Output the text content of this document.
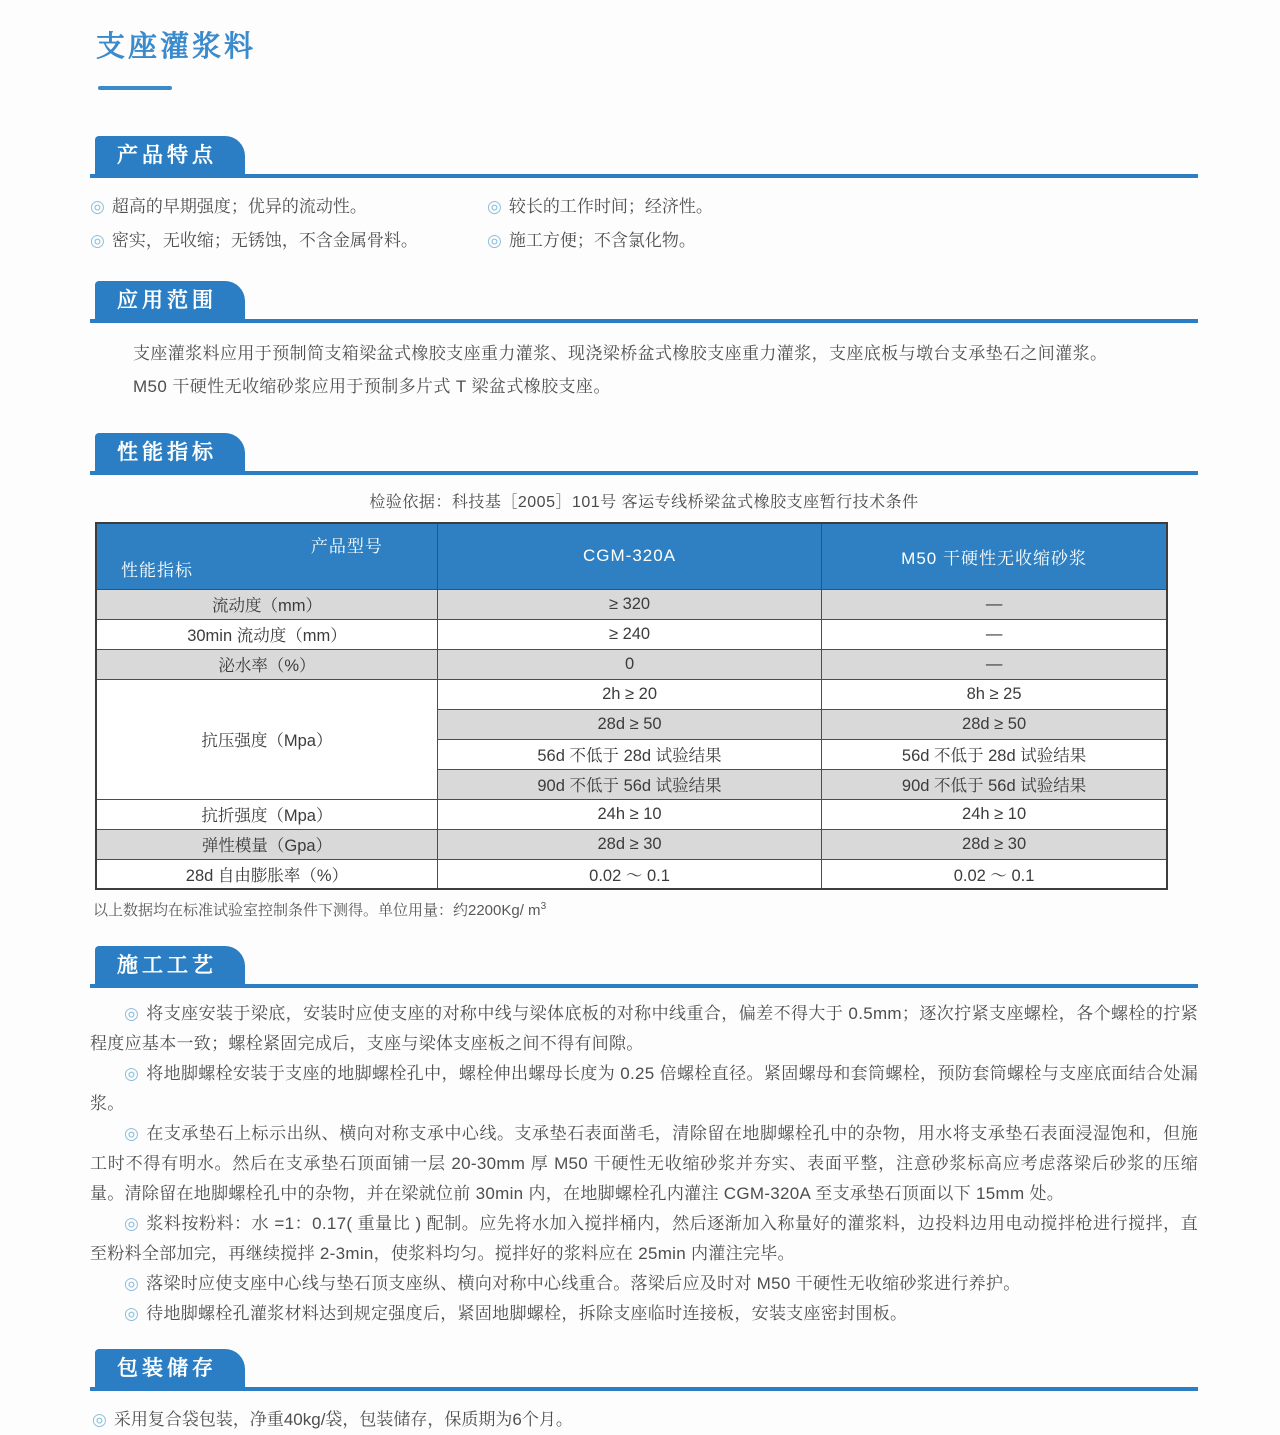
支座灌浆料
产品特点
◎ 超高的早期强度；优异的流动性。
◎ 密实，无收缩；无锈蚀，不含金属骨料。
◎ 较长的工作时间；经济性。
◎ 施工方便；不含氯化物。
应用范围

支座灌浆料应用于预制简支箱梁盆式橡胶支座重力灌浆、现浇梁桥盆式橡胶支座重力灌浆，支座底板与墩台支承垫石之间灌浆。

M50 干硬性无收缩砂浆应用于预制多片式 T 梁盆式橡胶支座。

性能指标

检验依据：科技基［2005］101号 客运专线桥梁盆式橡胶支座暂行技术条件

产品型号
性能指标	CGM-320A	M50 干硬性无收缩砂浆
流动度（mm）	≥ 320	—
30min 流动度（mm）	≥ 240	—
泌水率（%）	0	—
抗压强度（Mpa）	2h ≥ 20	8h ≥ 25
	28d ≥ 50	28d ≥ 50
	56d 不低于 28d 试验结果	56d 不低于 28d 试验结果
	90d 不低于 56d 试验结果	90d 不低于 56d 试验结果
抗折强度（Mpa）	24h ≥ 10	24h ≥ 10
弹性模量（Gpa）	28d ≥ 30	28d ≥ 30
28d 自由膨胀率（%）	0.02 ～ 0.1	0.02 ～ 0.1

以上数据均在标准试验室控制条件下测得。单位用量：约2200Kg/ $m^3$

施工工艺

◎ 将支座安装于梁底，安装时应使支座的对称中线与梁体底板的对称中线重合，偏差不得大于 0.5mm；逐次拧紧支座螺栓，各个螺栓的拧紧程度应基本一致；螺栓紧固完成后，支座与梁体支座板之间不得有间隙。

◎ 将地脚螺栓安装于支座的地脚螺栓孔中，螺栓伸出螺母长度为 0.25 倍螺栓直径。紧固螺母和套筒螺栓，预防套筒螺栓与支座底面结合处漏浆。

◎ 在支承垫石上标示出纵、横向对称支承中心线。支承垫石表面凿毛，清除留在地脚螺栓孔中的杂物，用水将支承垫石表面浸湿饱和，但施工时不得有明水。然后在支承垫石顶面铺一层 20-30mm 厚 M50 干硬性无收缩砂浆并夯实、表面平整，注意砂浆标高应考虑落梁后砂浆的压缩量。清除留在地脚螺栓孔中的杂物，并在梁就位前 30min 内，在地脚螺栓孔内灌注 CGM-320A 至支承垫石顶面以下 15mm 处。

◎ 浆料按粉料：水 =1：0.17( 重量比 ) 配制。应先将水加入搅拌桶内，然后逐渐加入称量好的灌浆料，边投料边用电动搅拌枪进行搅拌，直至粉料全部加完，再继续搅拌 2-3min，使浆料均匀。搅拌好的浆料应在 25min 内灌注完毕。

◎ 落梁时应使支座中心线与垫石顶支座纵、横向对称中心线重合。落梁后应及时对 M50 干硬性无收缩砂浆进行养护。

◎ 待地脚螺栓孔灌浆材料达到规定强度后，紧固地脚螺栓，拆除支座临时连接板，安装支座密封围板。

包装储存

◎ 采用复合袋包装，净重40kg/袋，包装储存，保质期为6个月。
